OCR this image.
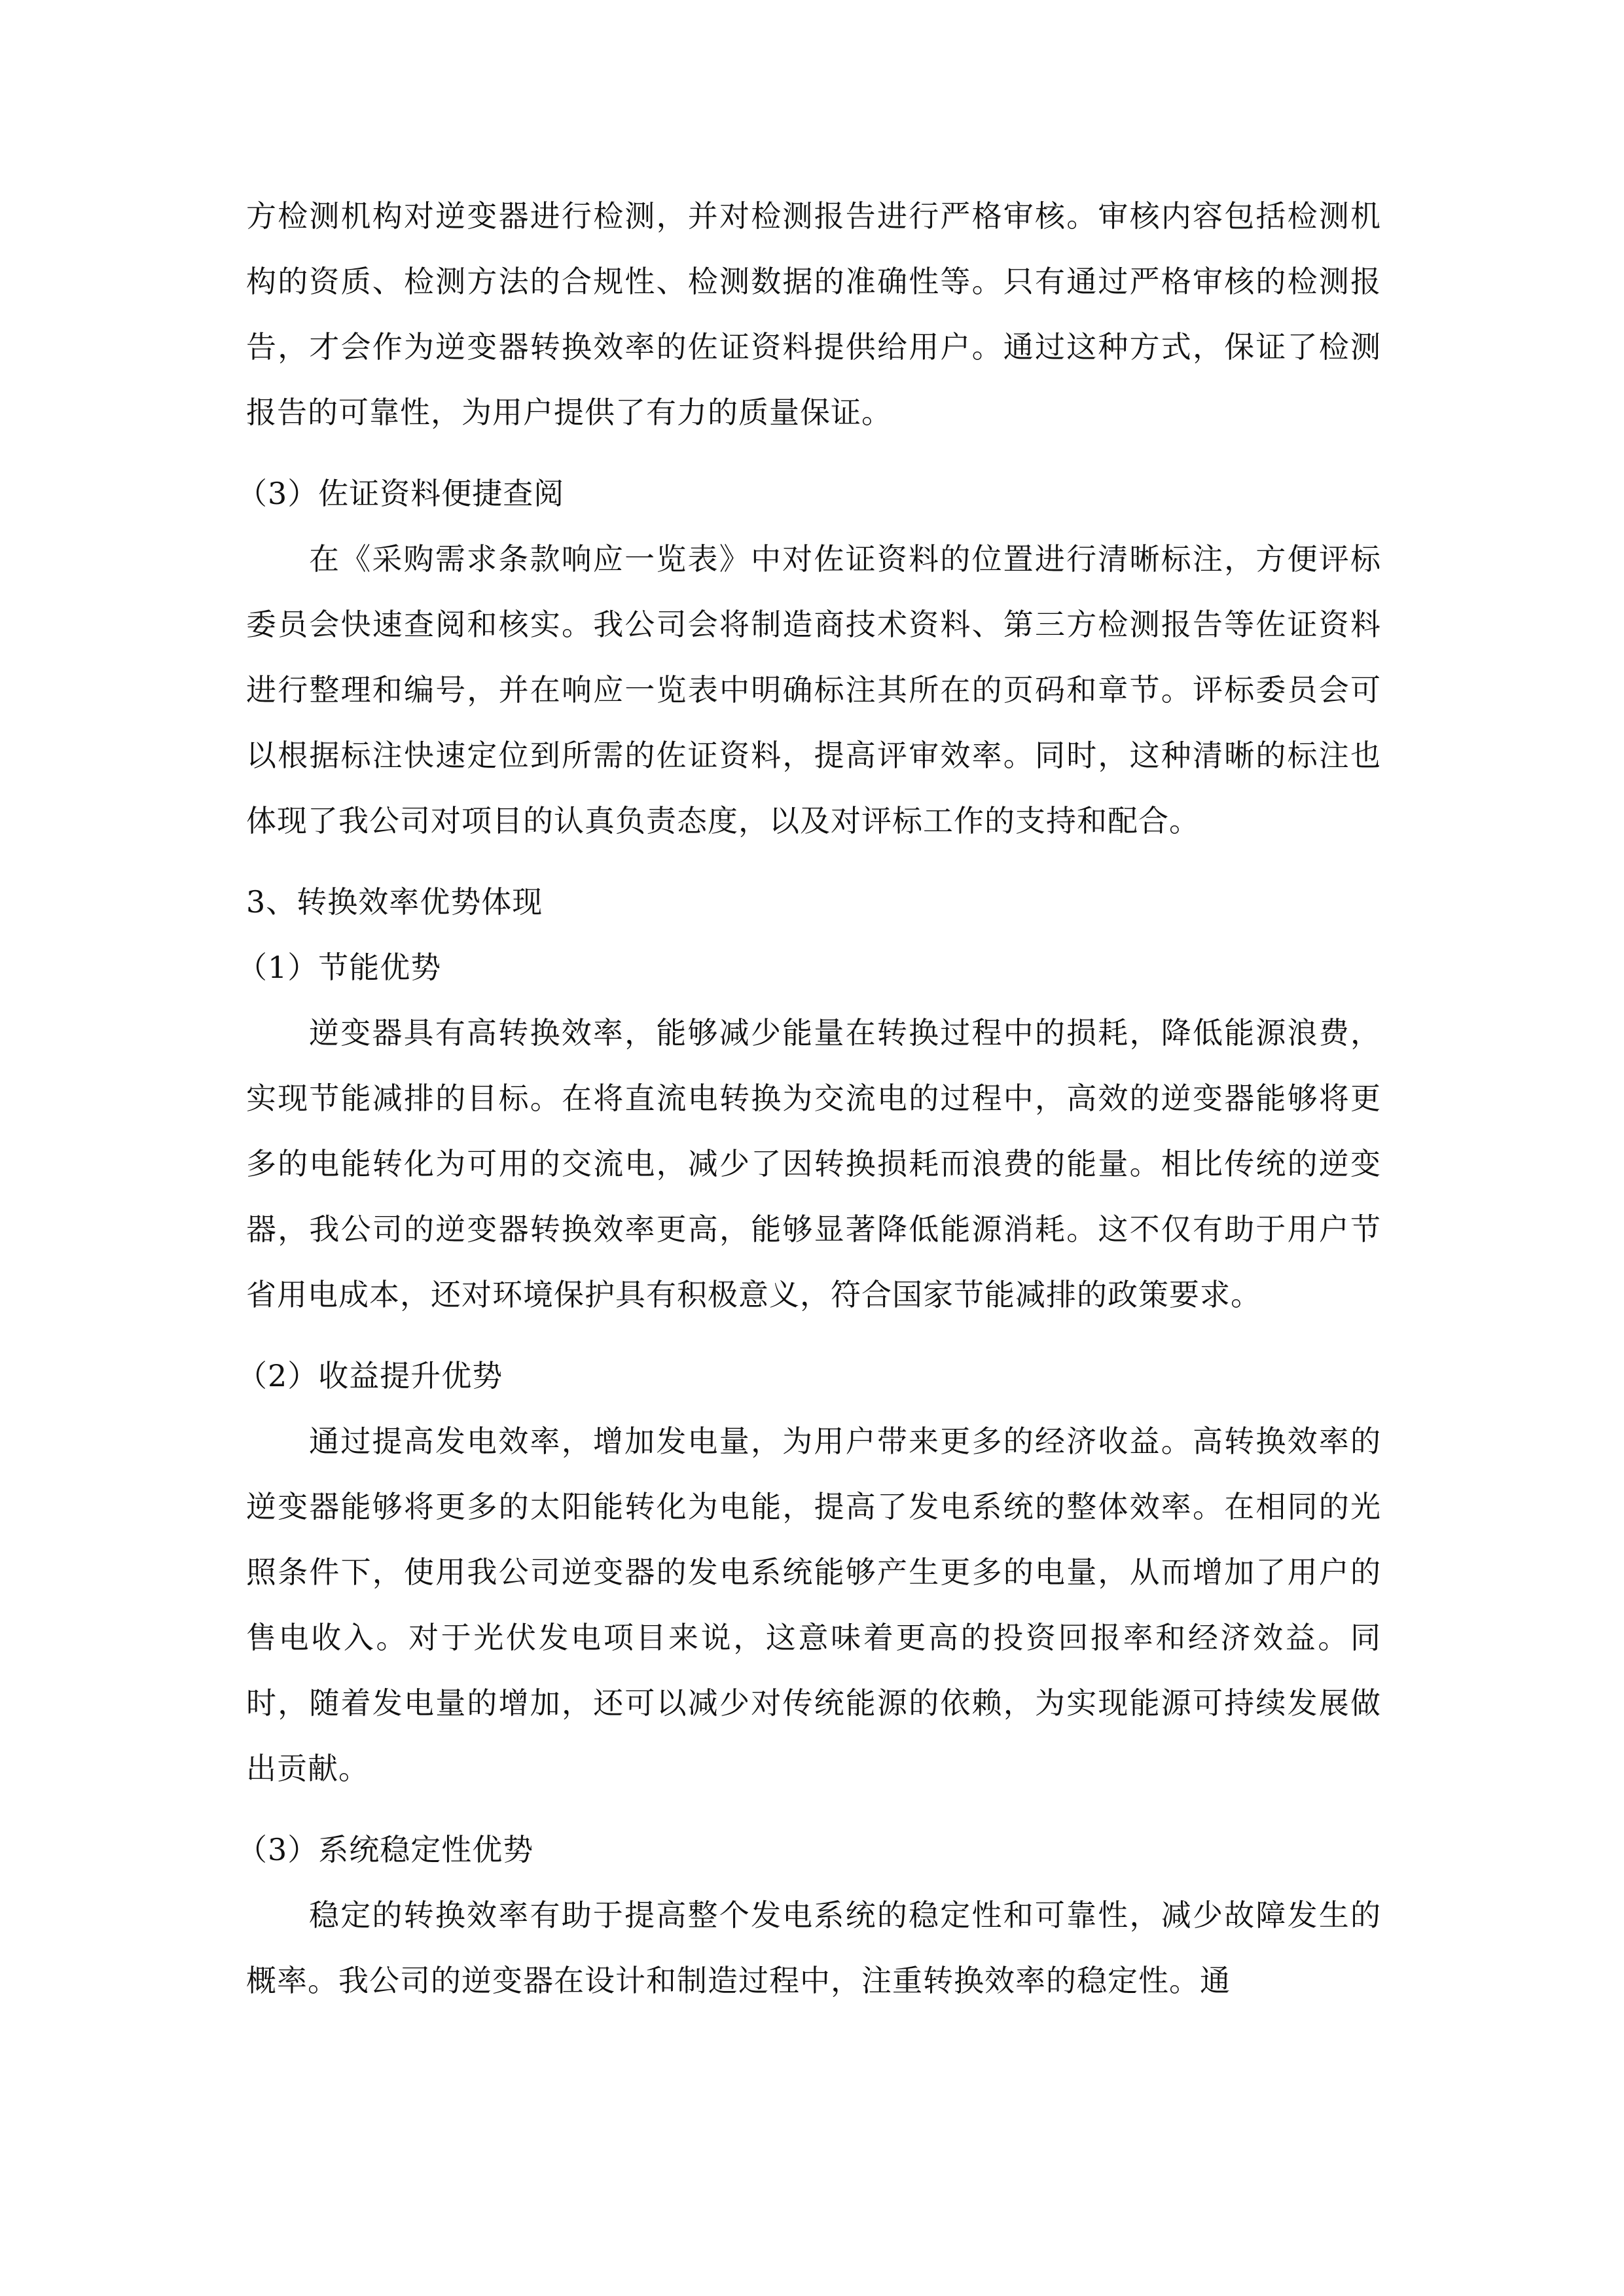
方检测机构对逆变器进行检测，并对检测报告进行严格审核。审核内容包括检测机构的资质、检测方法的合规性、检测数据的准确性等。只有通过严格审核的检测报告，才会作为逆变器转换效率的佐证资料提供给用户。通过这种方式，保证了检测报告的可靠性，为用户提供了有力的质量保证。

（3）佐证资料便捷查阅

在《采购需求条款响应一览表》中对佐证资料的位置进行清晰标注，方便评标委员会快速查阅和核实。我公司会将制造商技术资料、第三方检测报告等佐证资料进行整理和编号，并在响应一览表中明确标注其所在的页码和章节。评标委员会可以根据标注快速定位到所需的佐证资料，提高评审效率。同时，这种清晰的标注也体现了我公司对项目的认真负责态度，以及对评标工作的支持和配合。

3、转换效率优势体现

（1）节能优势

逆变器具有高转换效率，能够减少能量在转换过程中的损耗，降低能源浪费，实现节能减排的目标。在将直流电转换为交流电的过程中，高效的逆变器能够将更多的电能转化为可用的交流电，减少了因转换损耗而浪费的能量。相比传统的逆变器，我公司的逆变器转换效率更高，能够显著降低能源消耗。这不仅有助于用户节省用电成本，还对环境保护具有积极意义，符合国家节能减排的政策要求。

（2）收益提升优势

通过提高发电效率，增加发电量，为用户带来更多的经济收益。高转换效率的逆变器能够将更多的太阳能转化为电能，提高了发电系统的整体效率。在相同的光照条件下，使用我公司逆变器的发电系统能够产生更多的电量，从而增加了用户的售电收入。对于光伏发电项目来说，这意味着更高的投资回报率和经济效益。同时，随着发电量的增加，还可以减少对传统能源的依赖，为实现能源可持续发展做出贡献。

（3）系统稳定性优势

稳定的转换效率有助于提高整个发电系统的稳定性和可靠性，减少故障发生的概率。我公司的逆变器在设计和制造过程中，注重转换效率的稳定性。通
